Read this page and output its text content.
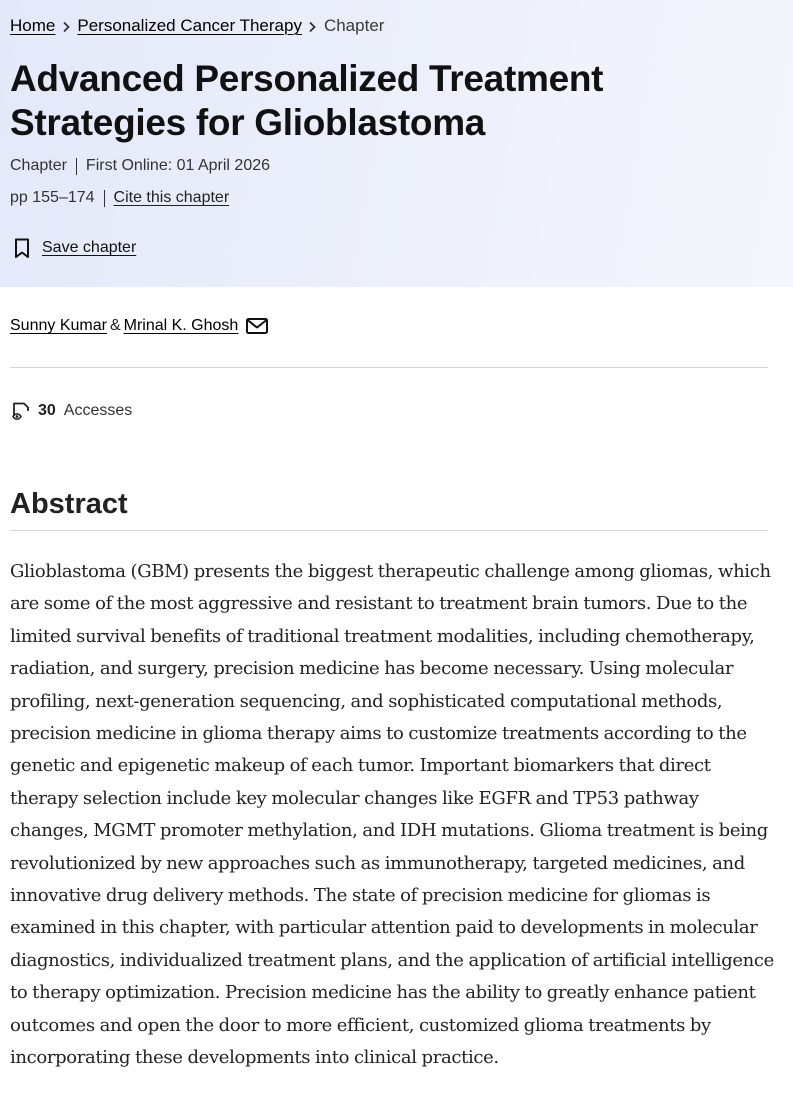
Home Personalized Cancer Therapy Chapter
Advanced Personalized Treatment Strategies for Glioblastoma
Chapter First Online: 01 April 2026
pp 155–174 Cite this chapter
Save chapter
Sunny Kumar & Mrinal K. Ghosh
30 Accesses
Abstract

Glioblastoma (GBM) presents the biggest therapeutic challenge among gliomas, which are some of the most aggressive and resistant to treatment brain tumors. Due to the limited survival benefits of traditional treatment modalities, including chemotherapy, radiation, and surgery, precision medicine has become necessary. Using molecular profiling, next-generation sequencing, and sophisticated computational methods, precision medicine in glioma therapy aims to customize treatments according to the genetic and epigenetic makeup of each tumor. Important biomarkers that direct therapy selection include key molecular changes like EGFR and TP53 pathway changes, MGMT promoter methylation, and IDH mutations. Glioma treatment is being revolutionized by new approaches such as immunotherapy, targeted medicines, and innovative drug delivery methods. The state of precision medicine for gliomas is examined in this chapter, with particular attention paid to developments in molecular diagnostics, individualized treatment plans, and the application of artificial intelligence to therapy optimization. Precision medicine has the ability to greatly enhance patient outcomes and open the door to more efficient, customized glioma treatments by incorporating these developments into clinical practice.
